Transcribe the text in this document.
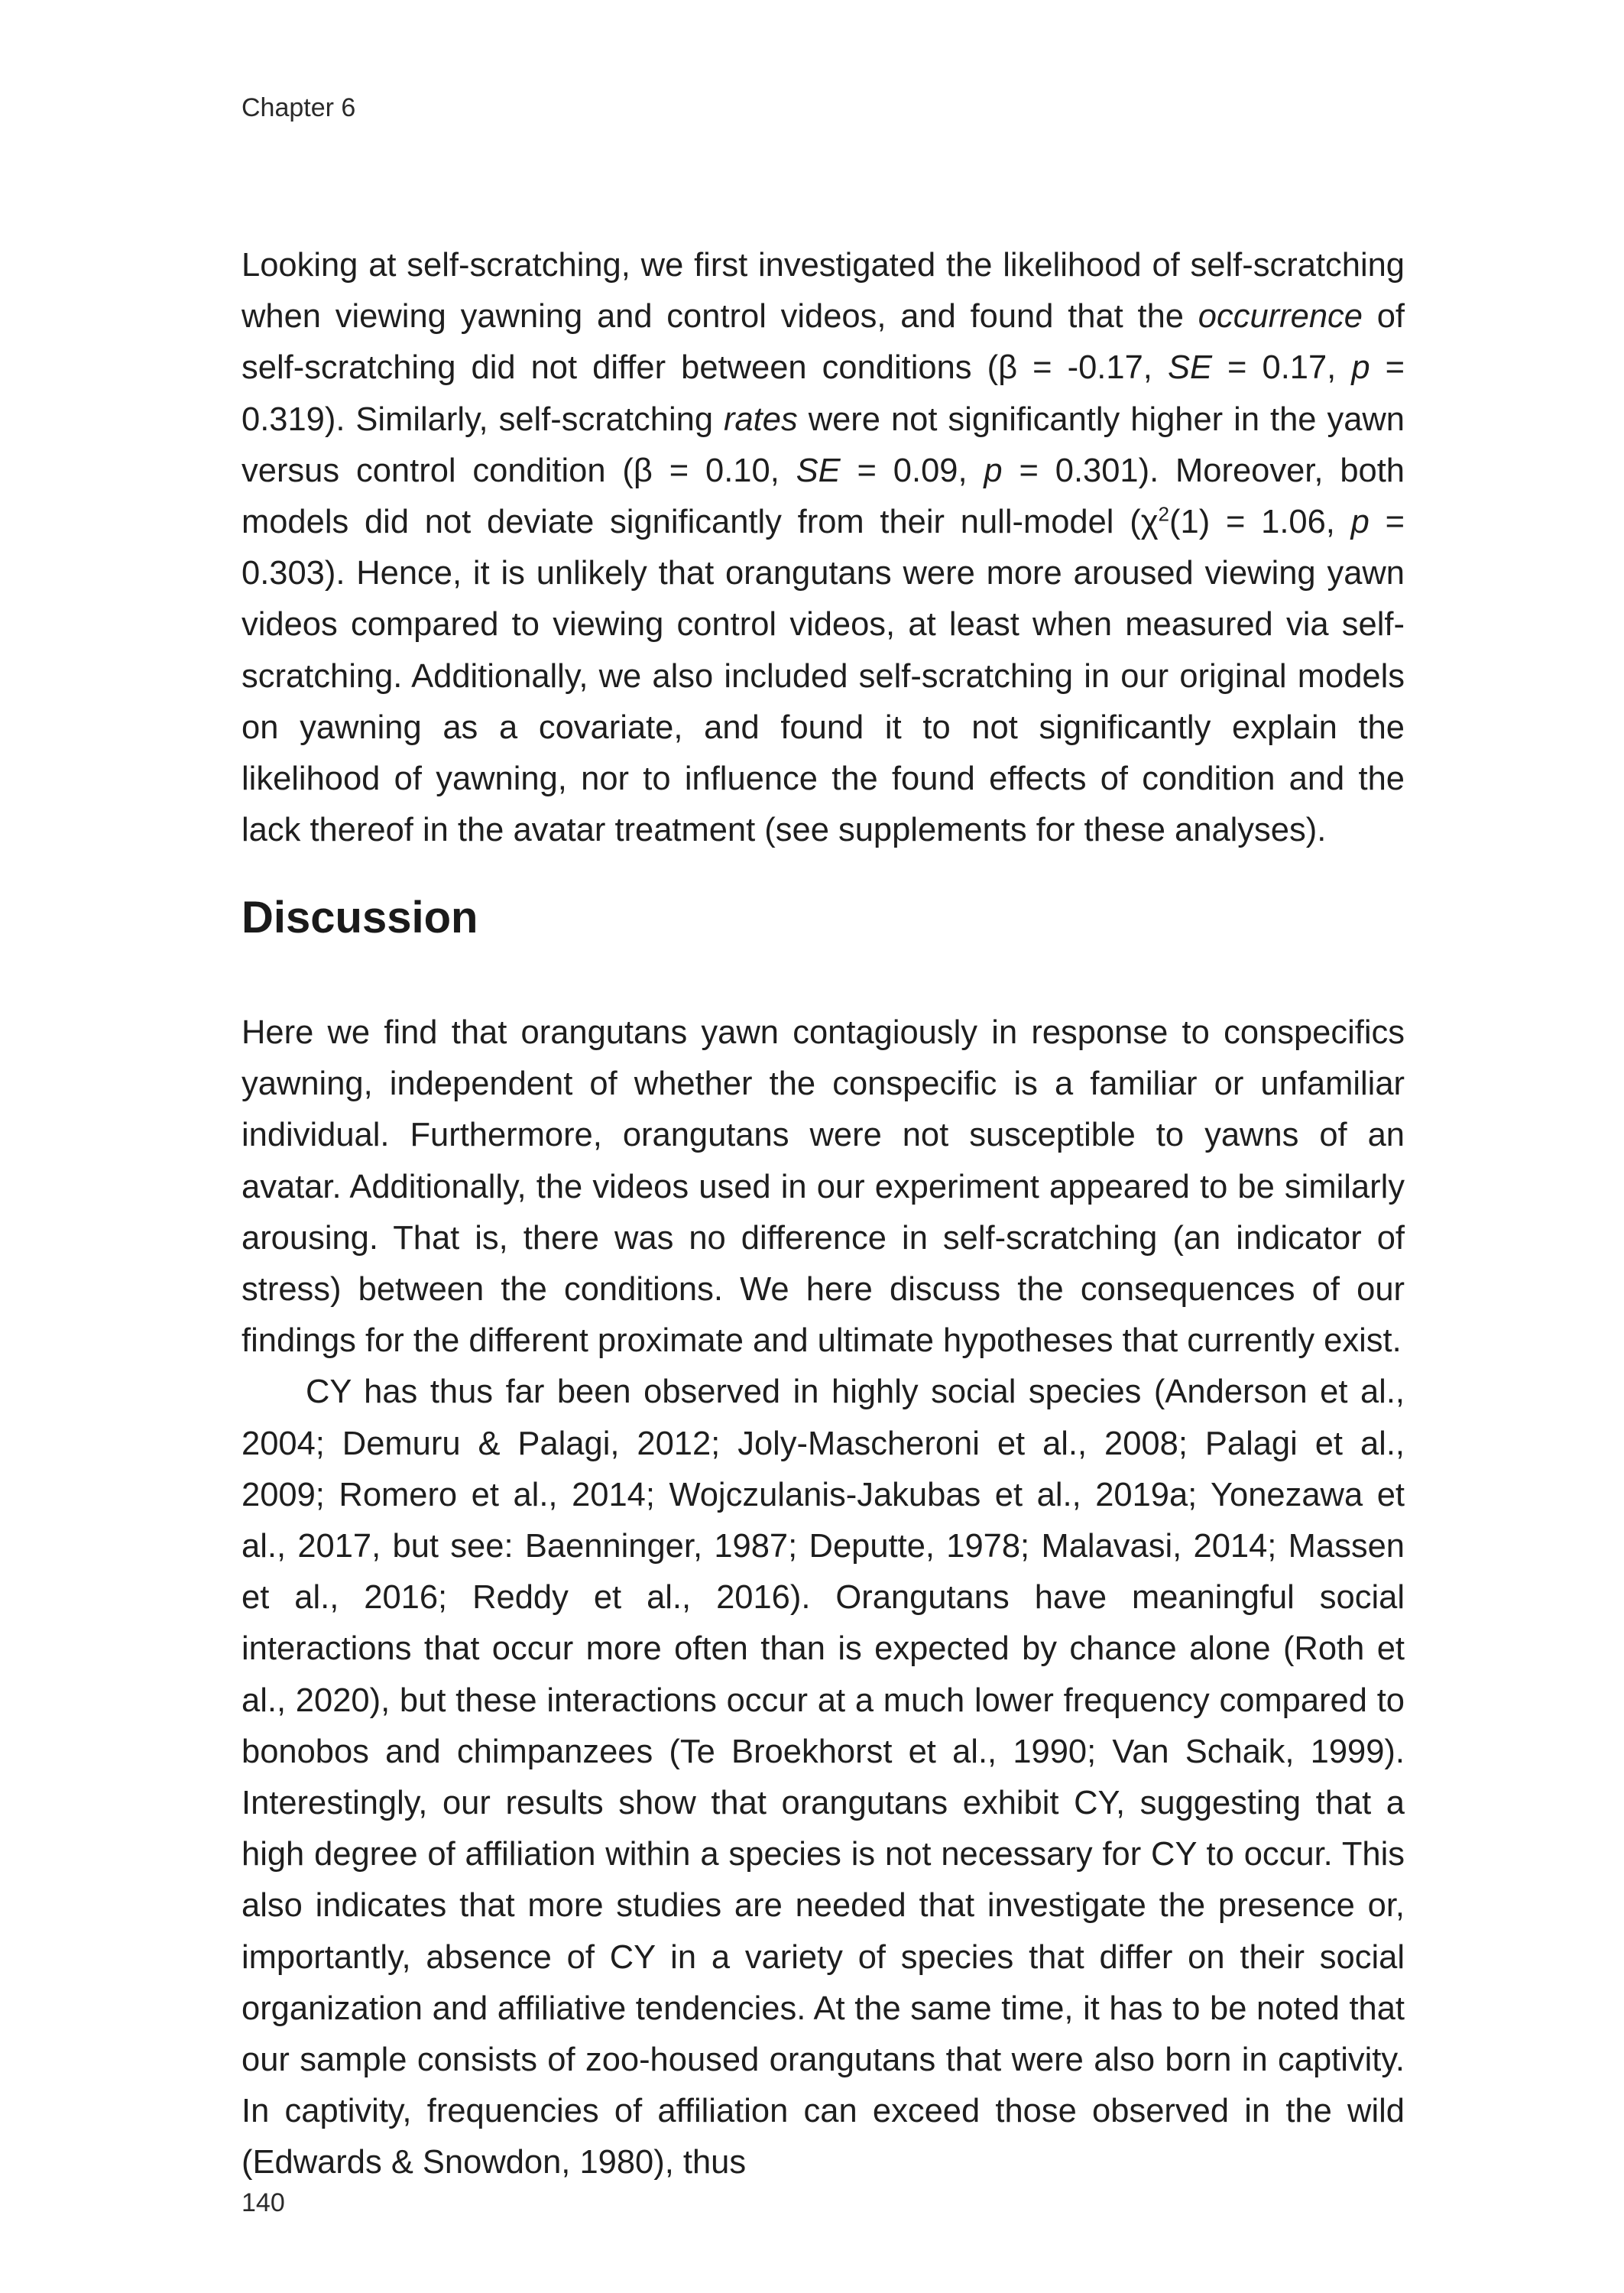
Chapter 6

Looking at self-scratching, we first investigated the likelihood of self-scratching when viewing yawning and control videos, and found that the occurrence of self-scratching did not differ between conditions (β = -0.17, SE = 0.17, p = 0.319). Similarly, self-scratching rates were not significantly higher in the yawn versus control condition (β = 0.10, SE = 0.09, p = 0.301). Moreover, both models did not deviate significantly from their null-model ($\chi^2(1) = 1.06$, p = 0.303). Hence, it is unlikely that orangutans were more aroused viewing yawn videos compared to viewing control videos, at least when measured via self-scratching. Additionally, we also included self-scratching in our original models on yawning as a covariate, and found it to not significantly explain the likelihood of yawning, nor to influence the found effects of condition and the lack thereof in the avatar treatment (see supplements for these analyses).

Discussion

Here we find that orangutans yawn contagiously in response to conspecifics yawning, independent of whether the conspecific is a familiar or unfamiliar individual. Furthermore, orangutans were not susceptible to yawns of an avatar. Additionally, the videos used in our experiment appeared to be similarly arousing. That is, there was no difference in self-scratching (an indicator of stress) between the conditions. We here discuss the consequences of our findings for the different proximate and ultimate hypotheses that currently exist.

CY has thus far been observed in highly social species (Anderson et al., 2004; Demuru & Palagi, 2012; Joly-Mascheroni et al., 2008; Palagi et al., 2009; Romero et al., 2014; Wojczulanis-Jakubas et al., 2019a; Yonezawa et al., 2017, but see: Baenninger, 1987; Deputte, 1978; Malavasi, 2014; Massen et al., 2016; Reddy et al., 2016). Orangutans have meaningful social interactions that occur more often than is expected by chance alone (Roth et al., 2020), but these interactions occur at a much lower frequency compared to bonobos and chimpanzees (Te Broekhorst et al., 1990; Van Schaik, 1999). Interestingly, our results show that orangutans exhibit CY, suggesting that a high degree of affiliation within a species is not necessary for CY to occur. This also indicates that more studies are needed that investigate the presence or, importantly, absence of CY in a variety of species that differ on their social organization and affiliative tendencies. At the same time, it has to be noted that our sample consists of zoo-housed orangutans that were also born in captivity. In captivity, frequencies of affiliation can exceed those observed in the wild (Edwards & Snowdon, 1980), thus

140
